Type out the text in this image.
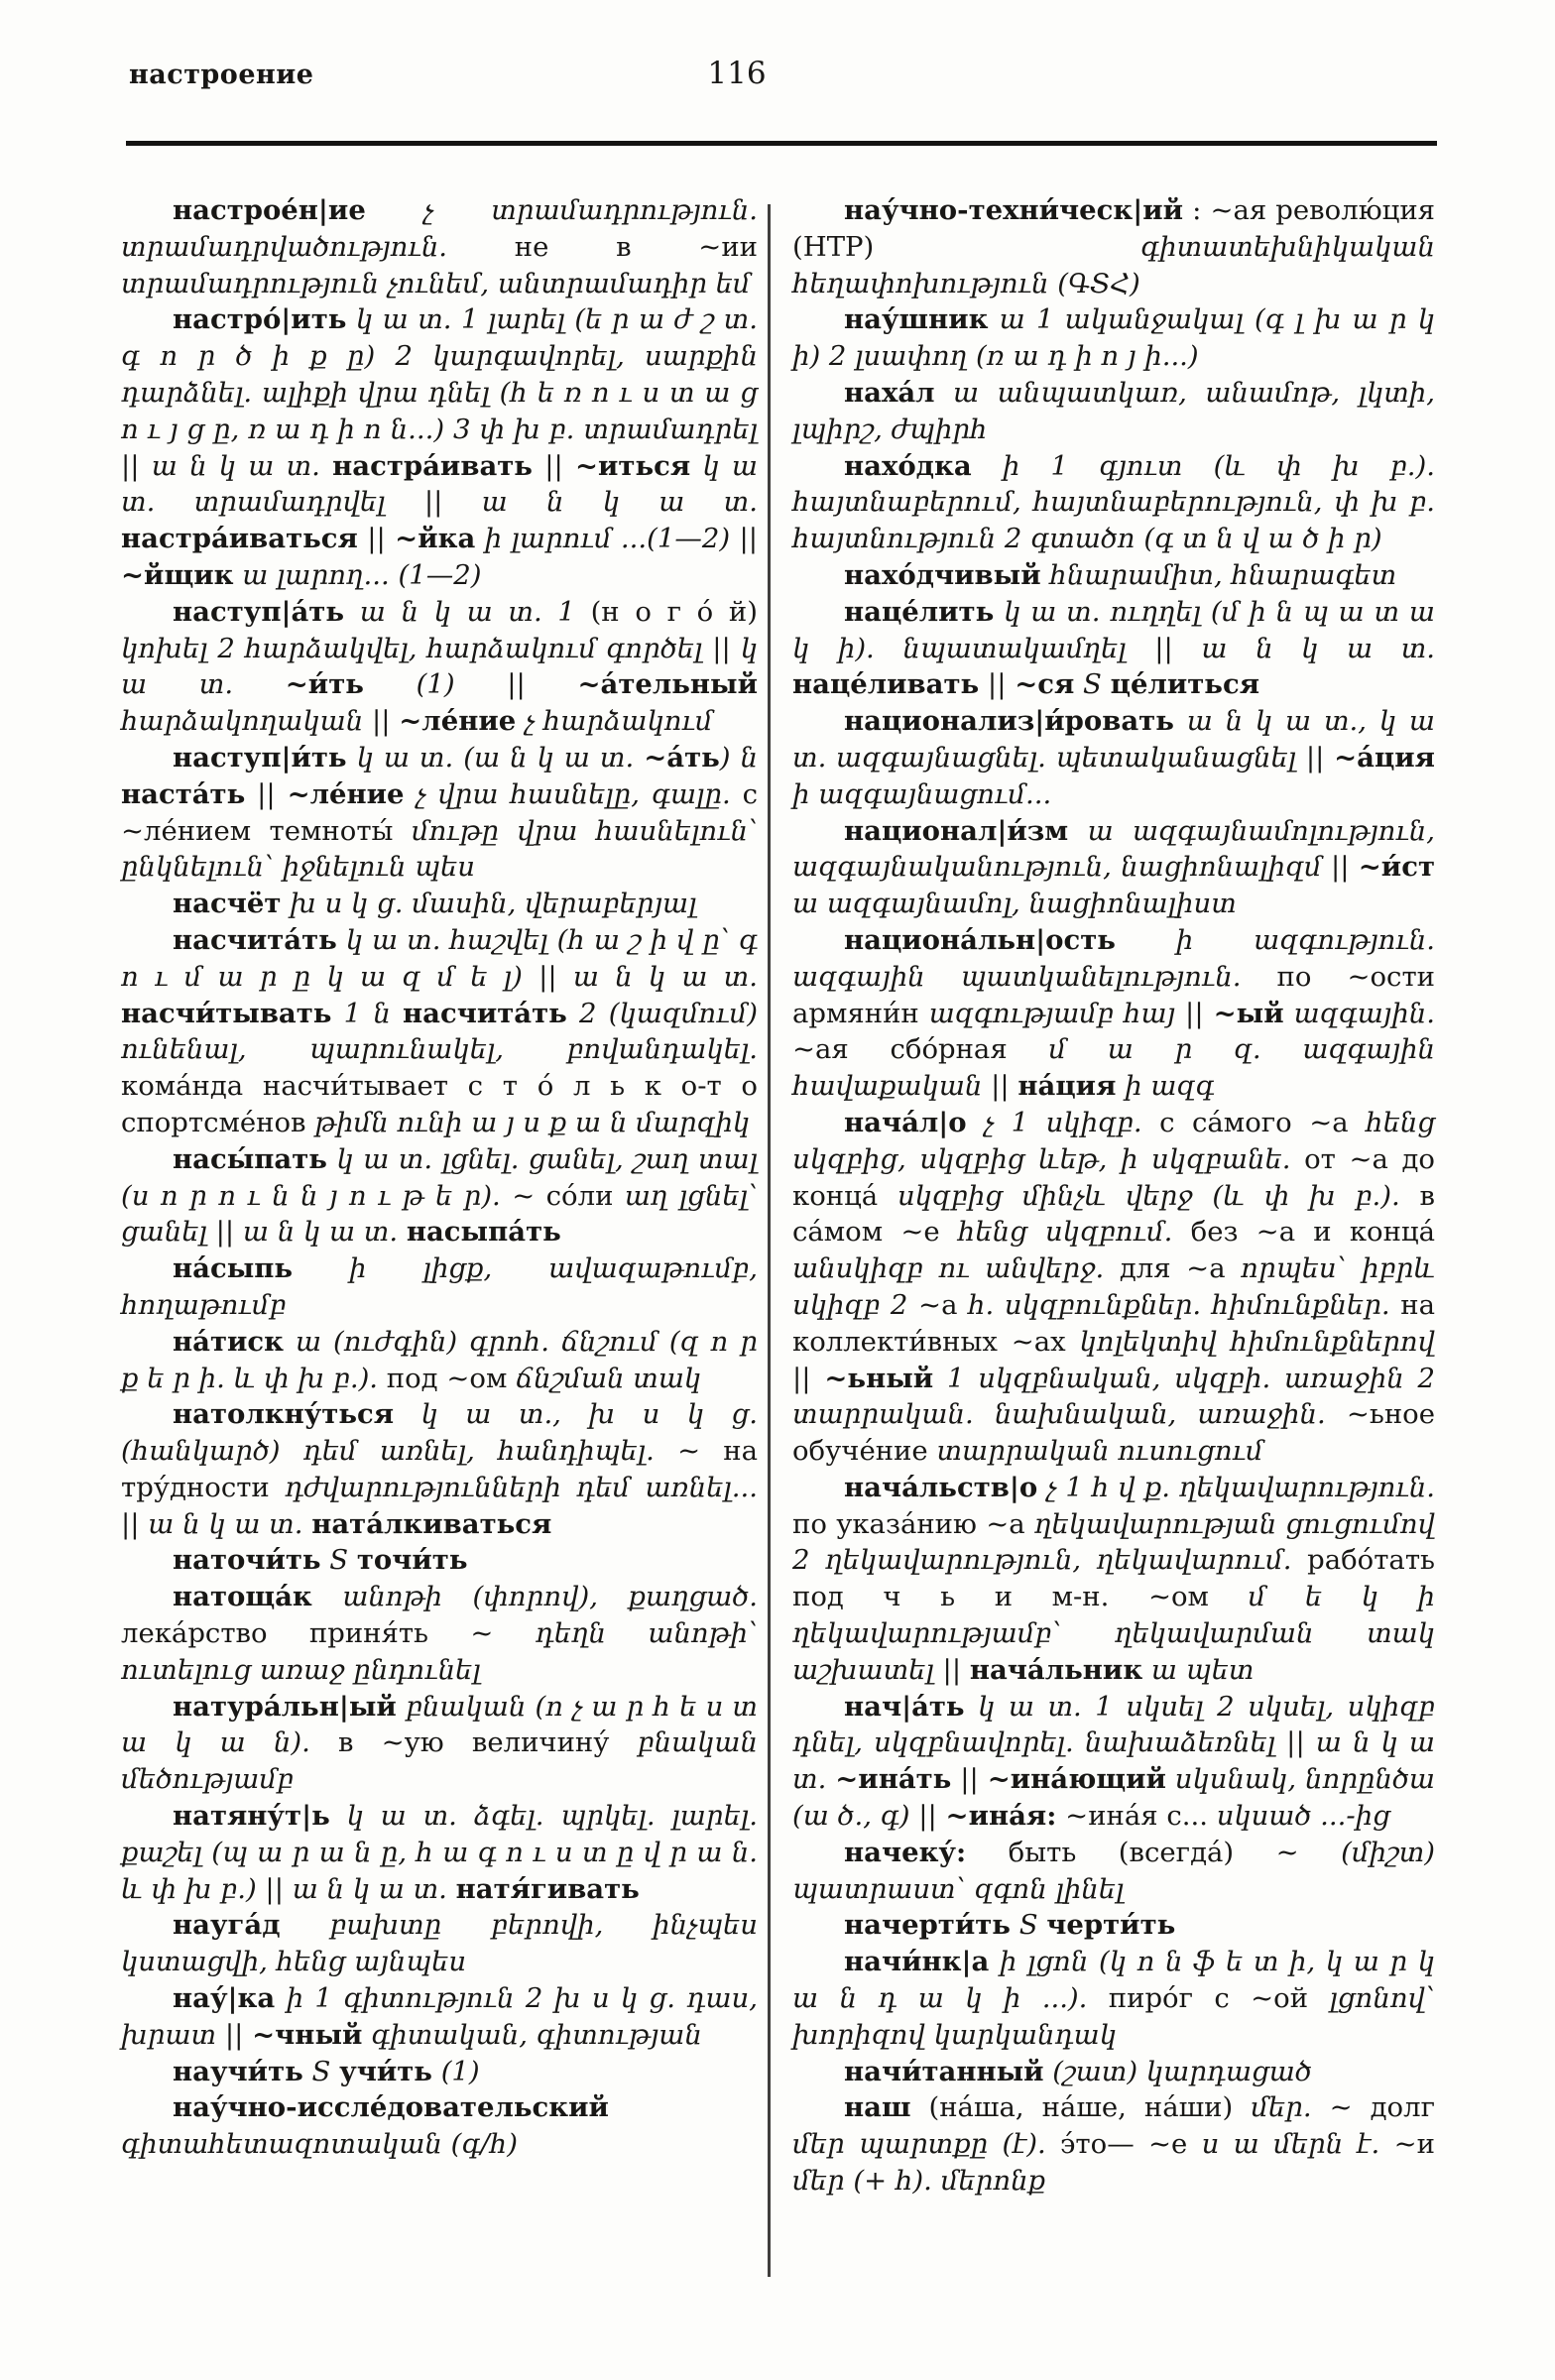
настроение	116

настрое́н|ие չ տրամադրություն. տրամադրվածություն. не в ~ии տրամադրություն չունեմ, անտրամադիր եմ

настро́|ить կ ա տ. 1 լարել (ե ր ա ժ շ տ. գ ո ր ծ ի ք ը) 2 կարգավորել, սարքին դարձնել. ալիքի վրա դնել (հ ե ռ ո ւ ս տ ա ց ո ւ յ ց ը, ռ ա դ ի ո ն...) 3 փ խ բ. տրամադրել || ա ն կ ա տ. настра́ивать || ~иться կ ա տ. տրամադրվել || ա ն կ ա տ. настра́иваться || ~йка ի լարում ...(1—2) || ~йщик ա լարող... (1—2)

наступ|а́ть ա ն կ ա տ. 1 (н о г о́ й) կոխել 2 հարձակվել, հարձակում գործել || կ ա տ. ~и́ть (1) || ~а́тельный հարձակողական || ~ле́ние չ հարձակում

наступ|и́ть կ ա տ. (ա ն կ ա տ. ~а́ть) ն наста́ть || ~ле́ние չ վրա հասնելը, գալը. с ~ле́нием темноты́ մութը վրա հասնելուն՝ ընկնելուն՝ իջնելուն պես

насчёт խ ս կ ց. մասին, վերաբերյալ

насчита́ть կ ա տ. հաշվել (հ ա շ ի վ ը՝ գ ո ւ մ ա ր ը կ ա զ մ ե լ) || ա ն կ ա տ. насчи́тывать 1 ն насчита́ть 2 (կազմում) ունենալ, պարունակել, բովանդակել. кома́нда насчи́тывает с т о́ л ь к о-т о спортсме́нов թիմն ունի ա յ ս ք ա ն մարզիկ

насы́пать կ ա տ. լցնել. ցանել, շաղ տալ (ս ո ր ո ւ ն ն յ ո ւ թ ե ր). ~ со́ли աղ լցնել՝ ցանել || ա ն կ ա տ. насыпа́ть

на́сыпь ի լիցք, ավազաթումբ, հողաթումբ

на́тиск ա (ուժգին) գրոհ. ճնշում (զ ո ր ք ե ր ի. և փ խ բ.). под ~ом ճնշման տակ

натолкну́ться կ ա տ., խ ս կ ց. (հանկարծ) դեմ առնել, հանդիպել. ~ на тру́дности դժվարությունների դեմ առնել... || ա ն կ ա տ. ната́лкиваться

наточи́ть S точи́ть

натоща́к անոթի (փորով), քաղցած. лека́рство приня́ть ~ դեղն անոթի՝ ուտելուց առաջ ընդունել

натура́льн|ый բնական (ո չ ա ր հ ե ս տ ա կ ա ն). в ~ую величину́ բնական մեծությամբ

натяну́т|ь կ ա տ. ձգել. պրկել. լարել. քաշել (պ ա ր ա ն ը, հ ա գ ո ւ ս տ ը վ ր ա ն. և փ խ բ.) || ա ն կ ա տ. натя́гивать

науга́д բախտը բերովի, ինչպես կստացվի, հենց այնպես

нау́|ка ի 1 գիտություն 2 խ ս կ ց. դաս, խրատ || ~чный գիտական, գիտության

научи́ть S учи́ть (1)

нау́чно-иссле́довательский գիտահետազոտական (գ/հ)

нау́чно-техни́ческ|ий : ~ая револю́ция (НТР) գիտատեխնիկական հեղափոխություն (ԳՏՀ)

нау́шник ա 1 ականջակալ (գ լ խ ա ր կ ի) 2 լսափող (ռ ա դ ի ո յ ի...)

наха́л ա անպատկառ, անամոթ, լկտի, լպիրշ, ժպիրհ

нахо́дка ի 1 գյուտ (և փ խ բ.). հայտնաբերում, հայտնաբերություն, փ խ բ. հայտնություն 2 գտածո (գ տ ն վ ա ծ ի ր)

нахо́дчивый հնարամիտ, հնարագետ

наце́лить կ ա տ. ուղղել (մ ի ն պ ա տ ա կ ի). նպատակամղել || ա ն կ ա տ. наце́ливать || ~ся S це́литься

национализ|и́ровать ա ն կ ա տ., կ ա տ. ազգայնացնել. պետականացնել || ~а́ция ի ազգայնացում...

национал|и́зм ա ազգայնամոլություն, ազգայնականություն, նացիոնալիզմ || ~и́ст ա ազգայնամոլ, նացիոնալիստ

национа́льн|ость ի ազգություն. ազգային պատկանելություն. по ~ости армяни́н ազգությամբ հայ || ~ый ազգային. ~ая сбо́рная մ ա ր զ. ազգային հավաքական || на́ция ի ազգ

нача́л|о չ 1 սկիզբ. с са́мого ~а հենց սկզբից, սկզբից ևեթ, ի սկզբանե. от ~а до конца́ սկզբից մինչև վերջ (և փ խ բ.). в са́мом ~е հենց սկզբում. без ~а и конца́ անսկիզբ ու անվերջ. для ~а որպես՝ իբրև սկիզբ 2 ~а հ. սկզբունքներ. հիմունքներ. на коллекти́вных ~ах կոլեկտիվ հիմունքներով || ~ьный 1 սկզբնական, սկզբի. առաջին 2 տարրական. նախնական, առաջին. ~ьное обуче́ние տարրական ուսուցում

нача́льств|о չ 1 հ վ ք. ղեկավարություն. по указа́нию ~а ղեկավարության ցուցումով 2 ղեկավարություն, ղեկավարում. рабо́тать под ч ь и м-н. ~ом մ ե կ ի ղեկավարությամբ՝ ղեկավարման տակ աշխատել || нача́льник ա պետ

нач|а́ть կ ա տ. 1 սկսել 2 սկսել, սկիզբ դնել, սկզբնավորել. նախաձեռնել || ա ն կ ա տ. ~ина́ть || ~ина́ющий սկսնակ, նորընծա (ա ծ., գ) || ~ина́я: ~ина́я с... սկսած ...-ից

начеку́: быть (всегда́) ~ (միշտ) պատրաստ՝ զգոն լինել

начерти́ть S черти́ть

начи́нк|а ի լցոն (կ ո ն ֆ ե տ ի, կ ա ր կ ա ն դ ա կ ի ...). пиро́г с ~ой լցոնով՝ խորիզով կարկանդակ

начи́танный (շատ) կարդացած

наш (на́ша, на́ше, на́ши) մեր. ~ долг մեր պարտքը (է). э́то— ~е ս ա մերն է. ~и մեր (+ հ). մերոնք
